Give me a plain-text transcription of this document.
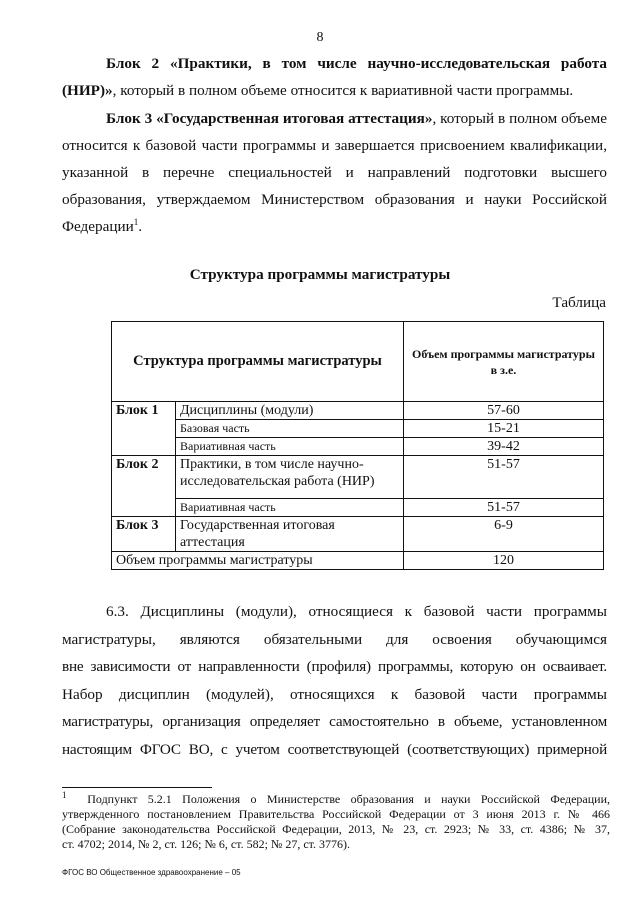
8

Блок 2 «Практики, в том числе научно-исследовательская работа (НИР)», который в полном объеме относится к вариативной части программы.

Блок 3 «Государственная итоговая аттестация», который в полном объеме

относится к базовой части программы и завершается присвоением квалификации,

указанной в перечне специальностей и направлений подготовки высшего

образования, утверждаемом Министерством образования и науки Российской

Федерации$^1$.

Структура программы магистратуры
Таблица
Структура программы магистратуры		Объем программы магистратуры в з.е.
Блок 1	Дисциплины (модули)	57-60
	Базовая часть	15-21
	Вариативная часть	39-42
Блок 2	Практики, в том числе научно-исследовательская работа (НИР)	51-57
	Вариативная часть	51-57
Блок 3	Государственная итоговая аттестация	6-9
Объем программы магистратуры		120

6.3. Дисциплины (модули), относящиеся к базовой части программы

магистратуры, являются обязательными для освоения обучающимся

вне зависимости от направленности (профиля) программы, которую он осваивает.

Набор дисциплин (модулей), относящихся к базовой части программы

магистратуры, организация определяет самостоятельно в объеме, установленном

настоящим ФГОС ВО, с учетом соответствующей (соответствующих) примерной

$^1$ Подпункт 5.2.1 Положения о Министерстве образования и науки Российской Федерации,

утвержденного постановлением Правительства Российской Федерации от 3 июня 2013 г. № 466

(Собрание законодательства Российской Федерации, 2013, № 23, ст. 2923; № 33, ст. 4386; № 37,

ст. 4702; 2014, № 2, ст. 126; № 6, ст. 582; № 27, ст. 3776).

ФГОС ВО Общественное здравоохранение – 05
